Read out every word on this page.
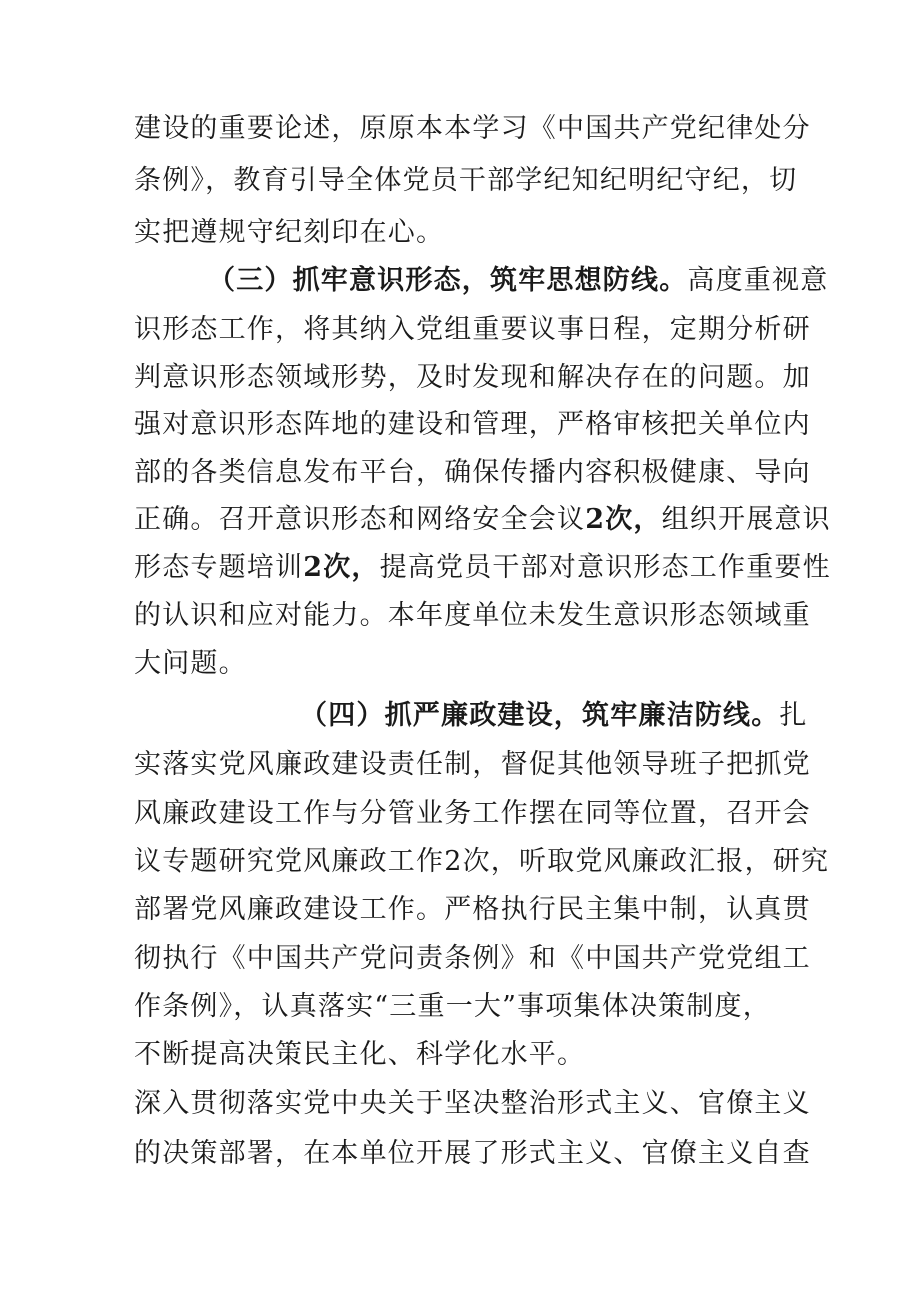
建设的重要论述，原原本本学习《中国共产党纪律处分
条例》，教育引导全体党员干部学纪知纪明纪守纪，切
实把遵规守纪刻印在心。
（三）抓牢意识形态，筑牢思想防线。高度重视意
识形态工作，将其纳入党组重要议事日程，定期分析研
判意识形态领域形势，及时发现和解决存在的问题。加
强对意识形态阵地的建设和管理，严格审核把关单位内
部的各类信息发布平台，确保传播内容积极健康、导向
正确。召开意识形态和网络安全会议2次，组织开展意识
形态专题培训2次，提高党员干部对意识形态工作重要性
的认识和应对能力。本年度单位未发生意识形态领域重
大问题。
（四）抓严廉政建设，筑牢廉洁防线。扎
实落实党风廉政建设责任制，督促其他领导班子把抓党
风廉政建设工作与分管业务工作摆在同等位置，召开会
议专题研究党风廉政工作2次，听取党风廉政汇报，研究
部署党风廉政建设工作。严格执行民主集中制，认真贯
彻执行《中国共产党问责条例》和《中国共产党党组工
作条例》，认真落实“三重一大”事项集体决策制度，
不断提高决策民主化、科学化水平。
深入贯彻落实党中央关于坚决整治形式主义、官僚主义
的决策部署，在本单位开展了形式主义、官僚主义自查
